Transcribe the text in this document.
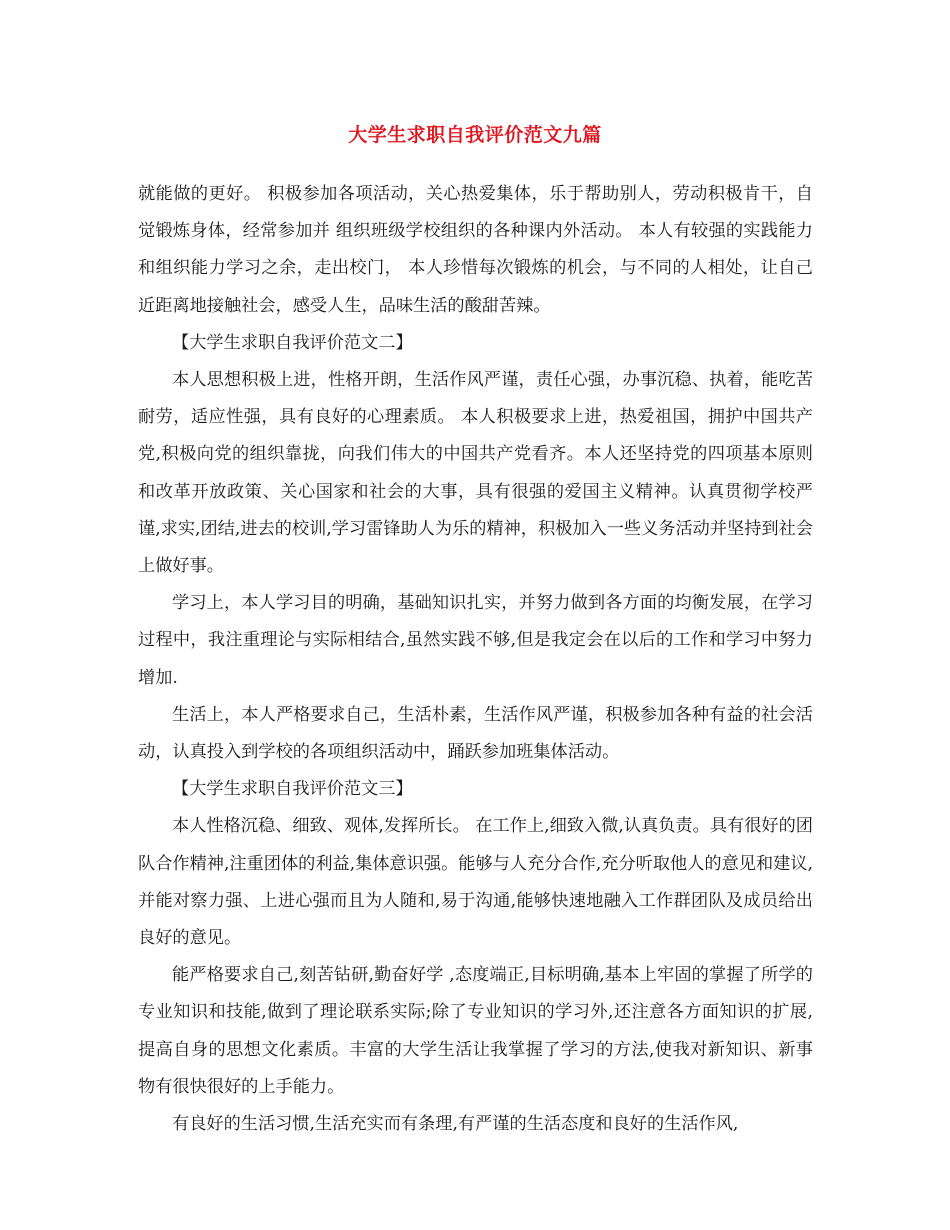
大学生求职自我评价范文九篇

就能做的更好。 积极参加各项活动，关心热爱集体，乐于帮助别人，劳动积极肯干，自觉锻炼身体，经常参加并 组织班级学校组织的各种课内外活动。 本人有较强的实践能力和组织能力学习之余，走出校门， 本人珍惜每次锻炼的机会，与不同的人相处，让自己近距离地接触社会，感受人生，品味生活的酸甜苦辣。

【大学生求职自我评价范文二】

本人思想积极上进，性格开朗，生活作风严谨，责任心强，办事沉稳、执着，能吃苦耐劳，适应性强，具有良好的心理素质。 本人积极要求上进，热爱祖国，拥护中国共产党,积极向党的组织靠拢，向我们伟大的中国共产党看齐。本人还坚持党的四项基本原则和改革开放政策、关心国家和社会的大事，具有很强的爱国主义精神。认真贯彻学校严谨,求实,团结,进去的校训,学习雷锋助人为乐的精神，积极加入一些义务活动并坚持到社会上做好事。

学习上，本人学习目的明确，基础知识扎实，并努力做到各方面的均衡发展，在学习过程中，我注重理论与实际相结合,虽然实践不够,但是我定会在以后的工作和学习中努力增加.

生活上，本人严格要求自己，生活朴素，生活作风严谨，积极参加各种有益的社会活动，认真投入到学校的各项组织活动中，踊跃参加班集体活动。

【大学生求职自我评价范文三】

本人性格沉稳、细致、观体,发挥所长。 在工作上,细致入微,认真负责。具有很好的团队合作精神,注重团体的利益,集体意识强。能够与人充分合作,充分听取他人的意见和建议,并能对察力强、上进心强而且为人随和,易于沟通,能够快速地融入工作群团队及成员给出良好的意见。

能严格要求自己,刻苦钻研,勤奋好学 ,态度端正,目标明确,基本上牢固的掌握了所学的专业知识和技能,做到了理论联系实际;除了专业知识的学习外,还注意各方面知识的扩展,提高自身的思想文化素质。丰富的大学生活让我掌握了学习的方法,使我对新知识、新事物有很快很好的上手能力。

有良好的生活习惯,生活充实而有条理,有严谨的生活态度和良好的生活作风,
